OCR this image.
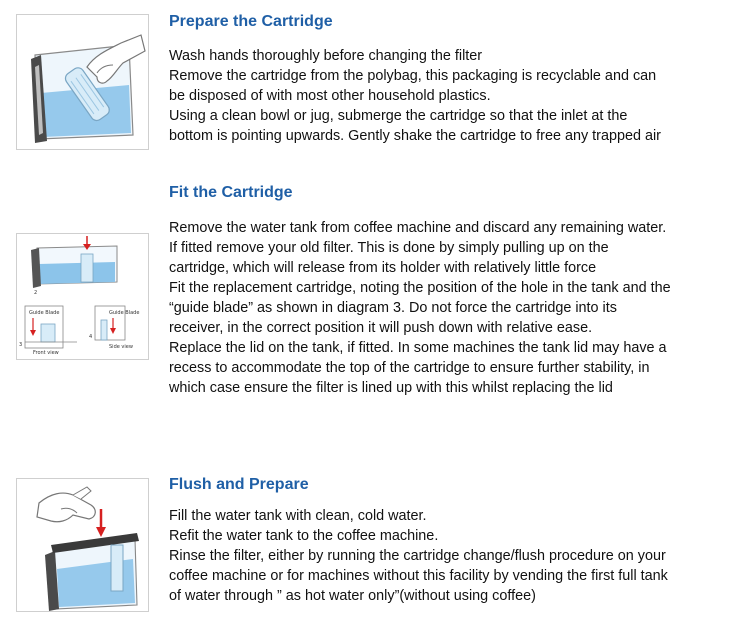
Prepare the Cartridge
Wash hands thoroughly before changing the filter
Remove the cartridge from the polybag, this packaging is recyclable and can
be disposed of with most other household plastics.
Using a clean bowl or jug, submerge the cartridge so that the inlet at the
bottom is pointing upwards. Gently shake the cartridge to free any trapped air
2
Guide Blade
3
Front view
Guide Blade
4
Side view
Fit the Cartridge
Remove the water tank from coffee machine and discard any remaining water.
If fitted remove your old filter. This is done by simply pulling up on the
cartridge, which will release from its holder with relatively little force
Fit the replacement cartridge, noting the position of the hole in the tank and the
“guide blade” as shown in diagram 3. Do not force the cartridge into its
receiver, in the correct position it will push down with relative ease.
Replace the lid on the tank, if fitted. In some machines the tank lid may have a
recess to accommodate the top of the cartridge to ensure further stability, in
which case ensure the filter is lined up with this whilst replacing the lid
Flush and Prepare
Fill the water tank with clean, cold water.
Refit the water tank to the coffee machine.
Rinse the filter, either by running the cartridge change/flush procedure on your
coffee machine or for machines without this facility by vending the first full tank
of water through ” as hot water only”(without using coffee)
